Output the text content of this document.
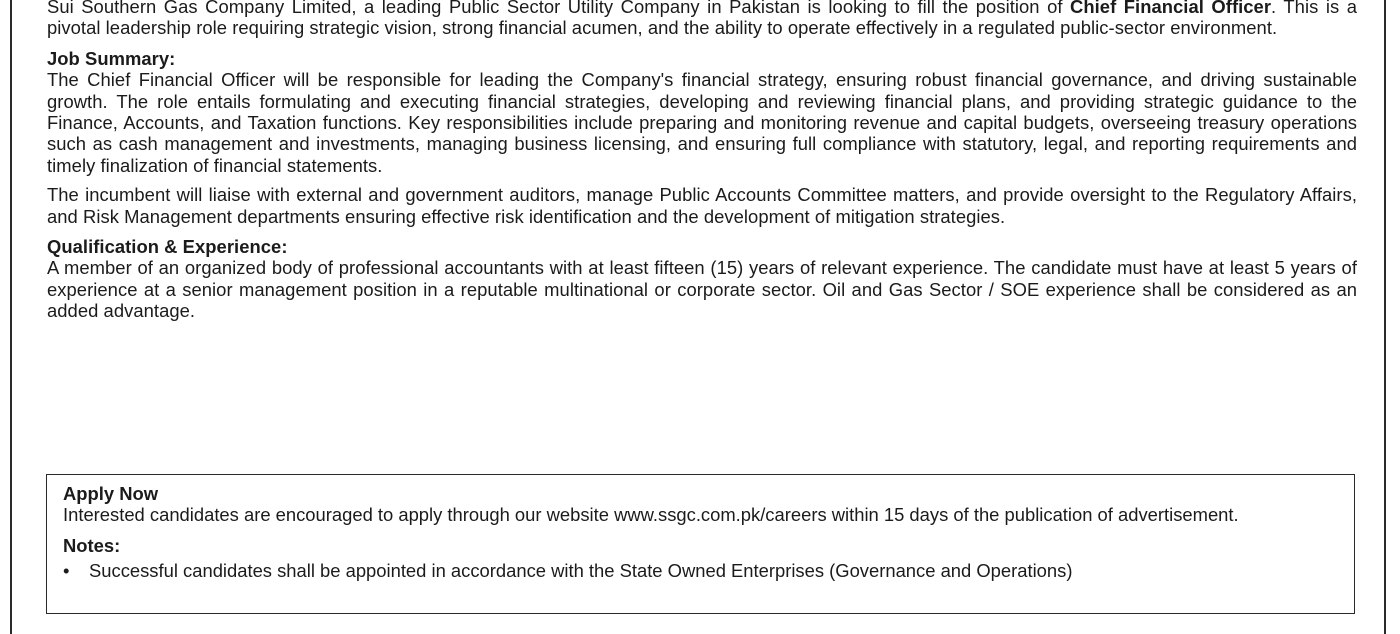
Sui Southern Gas Company Limited, a leading Public Sector Utility Company in Pakistan is looking to fill the position of Chief Financial Officer. This is a pivotal leadership role requiring strategic vision, strong financial acumen, and the ability to operate effectively in a regulated public-sector environment.

Job Summary:

The Chief Financial Officer will be responsible for leading the Company's financial strategy, ensuring robust financial governance, and driving sustainable growth. The role entails formulating and executing financial strategies, developing and reviewing financial plans, and providing strategic guidance to the Finance, Accounts, and Taxation functions. Key responsibilities include preparing and monitoring revenue and capital budgets, overseeing treasury operations such as cash management and investments, managing business licensing, and ensuring full compliance with statutory, legal, and reporting requirements and timely finalization of financial statements.

The incumbent will liaise with external and government auditors, manage Public Accounts Committee matters, and provide oversight to the Regulatory Affairs, and Risk Management departments ensuring effective risk identification and the development of mitigation strategies.

Qualification & Experience:

A member of an organized body of professional accountants with at least fifteen (15) years of relevant experience. The candidate must have at least 5 years of experience at a senior management position in a reputable multinational or corporate sector. Oil and Gas Sector / SOE experience shall be considered as an added advantage.

Apply Now

Interested candidates are encouraged to apply through our website www.ssgc.com.pk/careers within 15 days of the publication of advertisement.

Notes:

•	Successful candidates shall be appointed in accordance with the State Owned Enterprises (Governance and Operations)
